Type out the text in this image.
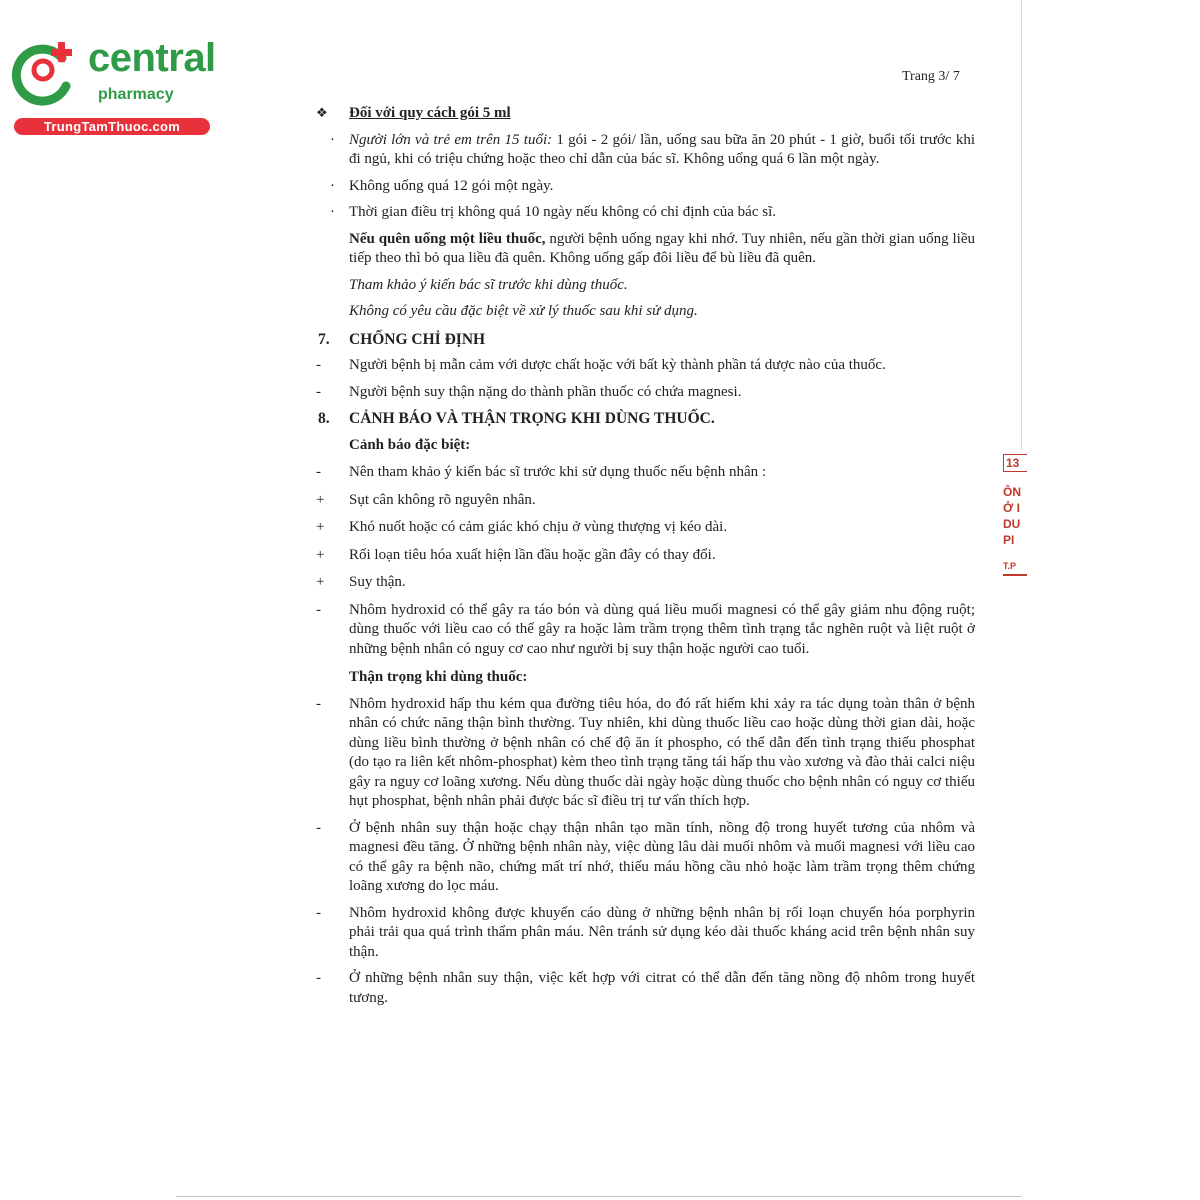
central
pharmacy
TrungTamThuoc.com
Trang 3/ 7
13
ÔN
Ở I
DU
PI
T.P
❖	Đối với quy cách gói 5 ml
· Người lớn và trẻ em trên 15 tuổi: 1 gói - 2 gói/ lần, uống sau bữa ăn 20 phút - 1 giờ, buổi tối trước khi đi ngủ, khi có triệu chứng hoặc theo chỉ dẫn của bác sĩ. Không uống quá 6 lần một ngày.
· Không uống quá 12 gói một ngày.
· Thời gian điều trị không quá 10 ngày nếu không có chỉ định của bác sĩ.
Nếu quên uống một liều thuốc, người bệnh uống ngay khi nhớ. Tuy nhiên, nếu gần thời gian uống liều tiếp theo thì bỏ qua liều đã quên. Không uống gấp đôi liều để bù liều đã quên.
Tham khảo ý kiến bác sĩ trước khi dùng thuốc.
Không có yêu cầu đặc biệt về xử lý thuốc sau khi sử dụng.
7. CHỐNG CHỈ ĐỊNH
-	Người bệnh bị mẫn cảm với dược chất hoặc với bất kỳ thành phần tá dược nào của thuốc.
-	Người bệnh suy thận nặng do thành phần thuốc có chứa magnesi.
8. CẢNH BÁO VÀ THẬN TRỌNG KHI DÙNG THUỐC.
Cảnh báo đặc biệt:
-	Nên tham khảo ý kiến bác sĩ trước khi sử dụng thuốc nếu bệnh nhân :
+	Sụt cân không rõ nguyên nhân.
+	Khó nuốt hoặc có cảm giác khó chịu ở vùng thượng vị kéo dài.
+	Rối loạn tiêu hóa xuất hiện lần đầu hoặc gần đây có thay đổi.
+	Suy thận.
-	Nhôm hydroxid có thể gây ra táo bón và dùng quá liều muối magnesi có thể gây giảm nhu động ruột; dùng thuốc với liều cao có thể gây ra hoặc làm trầm trọng thêm tình trạng tắc nghẽn ruột và liệt ruột ở những bệnh nhân có nguy cơ cao như người bị suy thận hoặc người cao tuổi.
Thận trọng khi dùng thuốc:
-	Nhôm hydroxid hấp thu kém qua đường tiêu hóa, do đó rất hiếm khi xảy ra tác dụng toàn thân ở bệnh nhân có chức năng thận bình thường. Tuy nhiên, khi dùng thuốc liều cao hoặc dùng thời gian dài, hoặc dùng liều bình thường ở bệnh nhân có chế độ ăn ít phospho, có thể dẫn đến tình trạng thiếu phosphat (do tạo ra liên kết nhôm-phosphat) kèm theo tình trạng tăng tái hấp thu vào xương và đào thải calci niệu gây ra nguy cơ loãng xương. Nếu dùng thuốc dài ngày hoặc dùng thuốc cho bệnh nhân có nguy cơ thiếu hụt phosphat, bệnh nhân phải được bác sĩ điều trị tư vấn thích hợp.
-	Ở bệnh nhân suy thận hoặc chạy thận nhân tạo mãn tính, nồng độ trong huyết tương của nhôm và magnesi đều tăng. Ở những bệnh nhân này, việc dùng lâu dài muối nhôm và muối magnesi với liều cao có thể gây ra bệnh não, chứng mất trí nhớ, thiếu máu hồng cầu nhỏ hoặc làm trầm trọng thêm chứng loãng xương do lọc máu.
-	Nhôm hydroxid không được khuyến cáo dùng ở những bệnh nhân bị rối loạn chuyển hóa porphyrin phải trải qua quá trình thẩm phân máu. Nên tránh sử dụng kéo dài thuốc kháng acid trên bệnh nhân suy thận.
-	Ở những bệnh nhân suy thận, việc kết hợp với citrat có thể dẫn đến tăng nồng độ nhôm trong huyết tương.
